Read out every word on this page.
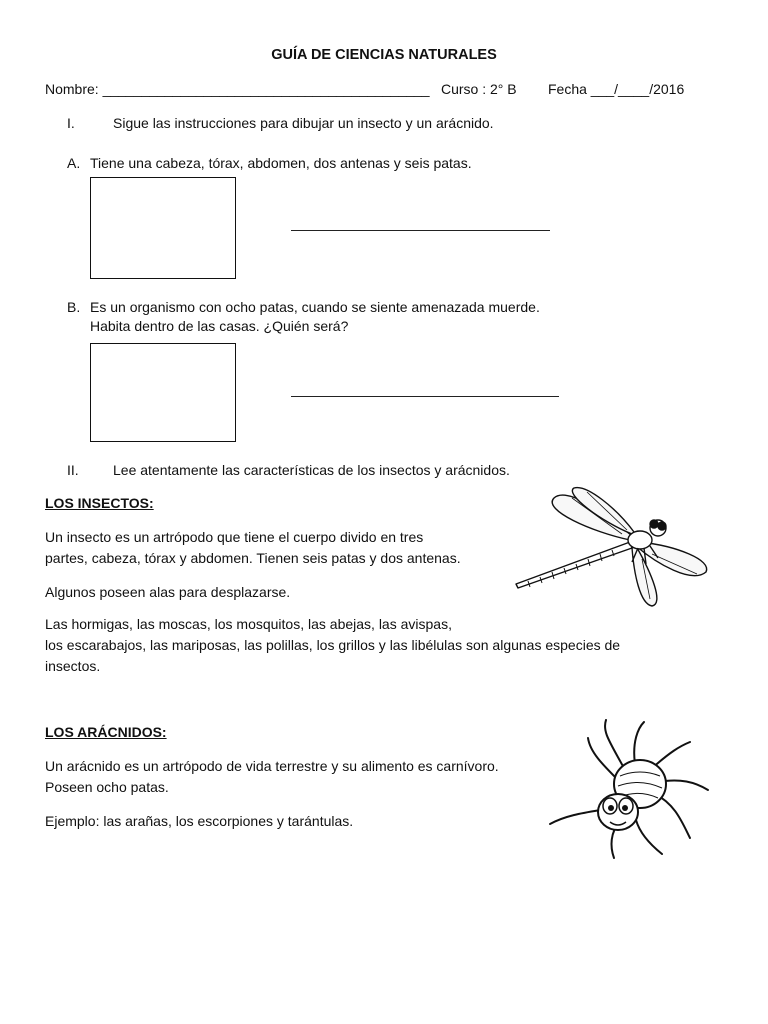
GUÍA DE CIENCIAS NATURALES
Nombre: __________________________________________ Curso : 2° B Fecha ___/____/2016
I.	Sigue las instrucciones para dibujar un insecto y un arácnido.
A. Tiene una cabeza, tórax, abdomen, dos antenas y seis patas.
B. Es un organismo con ocho patas, cuando se siente amenazada muerde.
Habita dentro de las casas. ¿Quién será?
II. Lee atentamente las características de los insectos y arácnidos.
LOS INSECTOS:
Un insecto es un artrópodo que tiene el cuerpo divido en tres
partes, cabeza, tórax y abdomen. Tienen seis patas y dos antenas.
Algunos poseen alas para desplazarse.
Las hormigas, las moscas, los mosquitos, las abejas, las avispas,
los escarabajos, las mariposas, las polillas, los grillos y las libélulas son algunas especies de
insectos.
LOS ARÁCNIDOS:
Un arácnido es un artrópodo de vida terrestre y su alimento es carnívoro.
Poseen ocho patas.
Ejemplo: las arañas, los escorpiones y tarántulas.
